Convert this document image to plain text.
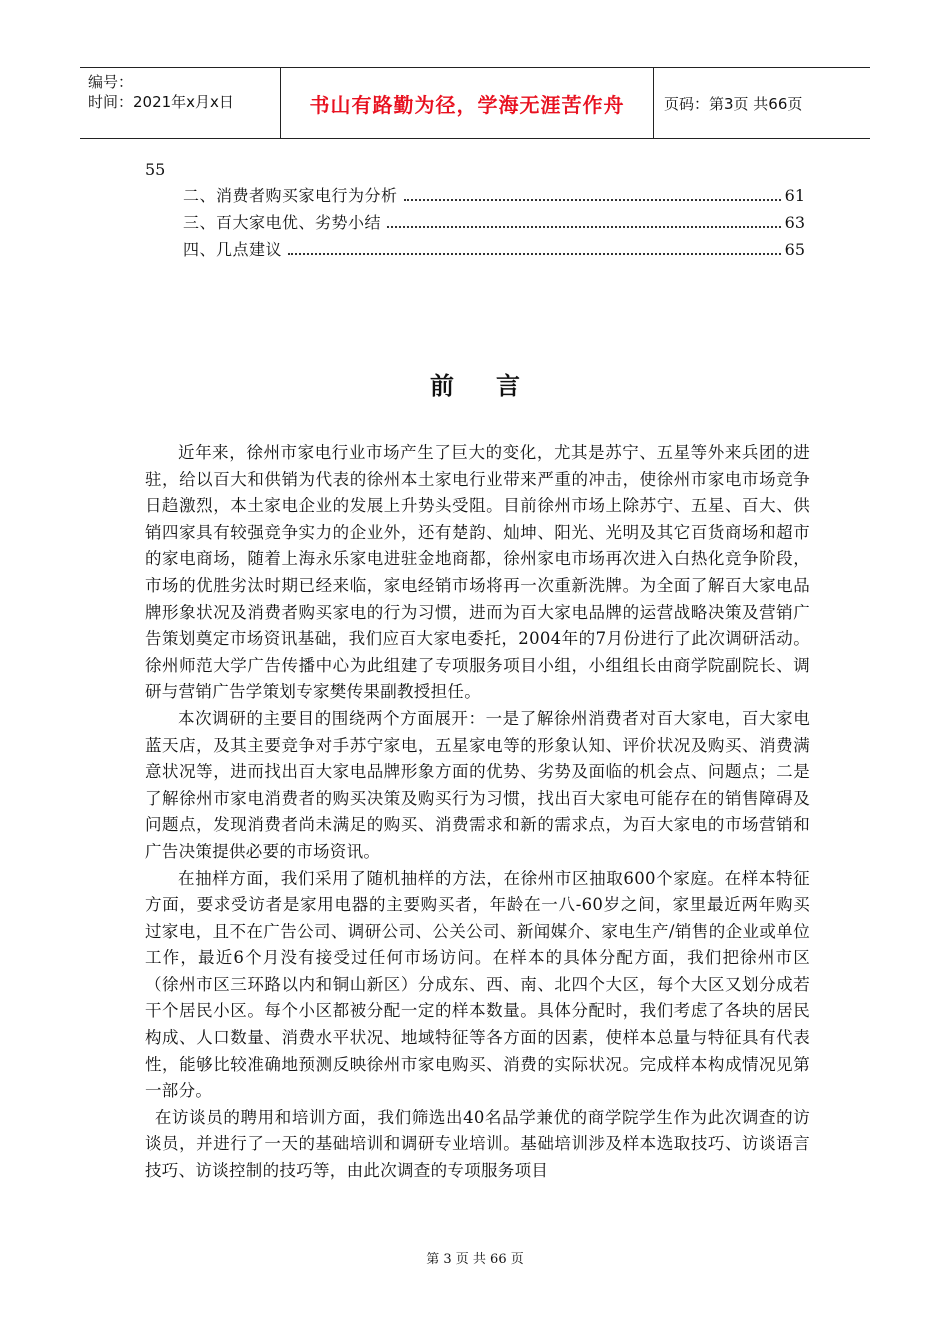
编号：
时间：2021年x月x日	书山有路勤为径，学海无涯苦作舟	页码：第3页 共66页
55
二、消费者购买家电行为分析	61
三、百大家电优、劣势小结	63
四、几点建议	65
前 言

近年来，徐州市家电行业市场产生了巨大的变化，尤其是苏宁、五星等外来兵团的进驻，给以百大和供销为代表的徐州本土家电行业带来严重的冲击，使徐州市家电市场竞争日趋激烈，本土家电企业的发展上升势头受阻。目前徐州市场上除苏宁、五星、百大、供销四家具有较强竞争实力的企业外，还有楚韵、灿坤、阳光、光明及其它百货商场和超市的家电商场，随着上海永乐家电进驻金地商都，徐州家电市场再次进入白热化竞争阶段，市场的优胜劣汰时期已经来临，家电经销市场将再一次重新洗牌。为全面了解百大家电品牌形象状况及消费者购买家电的行为习惯，进而为百大家电品牌的运营战略决策及营销广告策划奠定市场资讯基础，我们应百大家电委托，2004年的7月份进行了此次调研活动。徐州师范大学广告传播中心为此组建了专项服务项目小组，小组组长由商学院副院长、调研与营销广告学策划专家樊传果副教授担任。

本次调研的主要目的围绕两个方面展开：一是了解徐州消费者对百大家电，百大家电蓝天店，及其主要竞争对手苏宁家电，五星家电等的形象认知、评价状况及购买、消费满意状况等，进而找出百大家电品牌形象方面的优势、劣势及面临的机会点、问题点；二是了解徐州市家电消费者的购买决策及购买行为习惯，找出百大家电可能存在的销售障碍及问题点，发现消费者尚未满足的购买、消费需求和新的需求点，为百大家电的市场营销和广告决策提供必要的市场资讯。

在抽样方面，我们采用了随机抽样的方法，在徐州市区抽取600个家庭。在样本特征方面，要求受访者是家用电器的主要购买者，年龄在一八-60岁之间，家里最近两年购买过家电，且不在广告公司、调研公司、公关公司、新闻媒介、家电生产/销售的企业或单位工作，最近6个月没有接受过任何市场访问。在样本的具体分配方面，我们把徐州市区（徐州市区三环路以内和铜山新区）分成东、西、南、北四个大区，每个大区又划分成若干个居民小区。每个小区都被分配一定的样本数量。具体分配时，我们考虑了各块的居民构成、人口数量、消费水平状况、地域特征等各方面的因素，使样本总量与特征具有代表性，能够比较准确地预测反映徐州市家电购买、消费的实际状况。完成样本构成情况见第一部分。

在访谈员的聘用和培训方面，我们筛选出40名品学兼优的商学院学生作为此次调查的访谈员，并进行了一天的基础培训和调研专业培训。基础培训涉及样本选取技巧、访谈语言技巧、访谈控制的技巧等，由此次调查的专项服务项目

第 3 页 共 66 页
